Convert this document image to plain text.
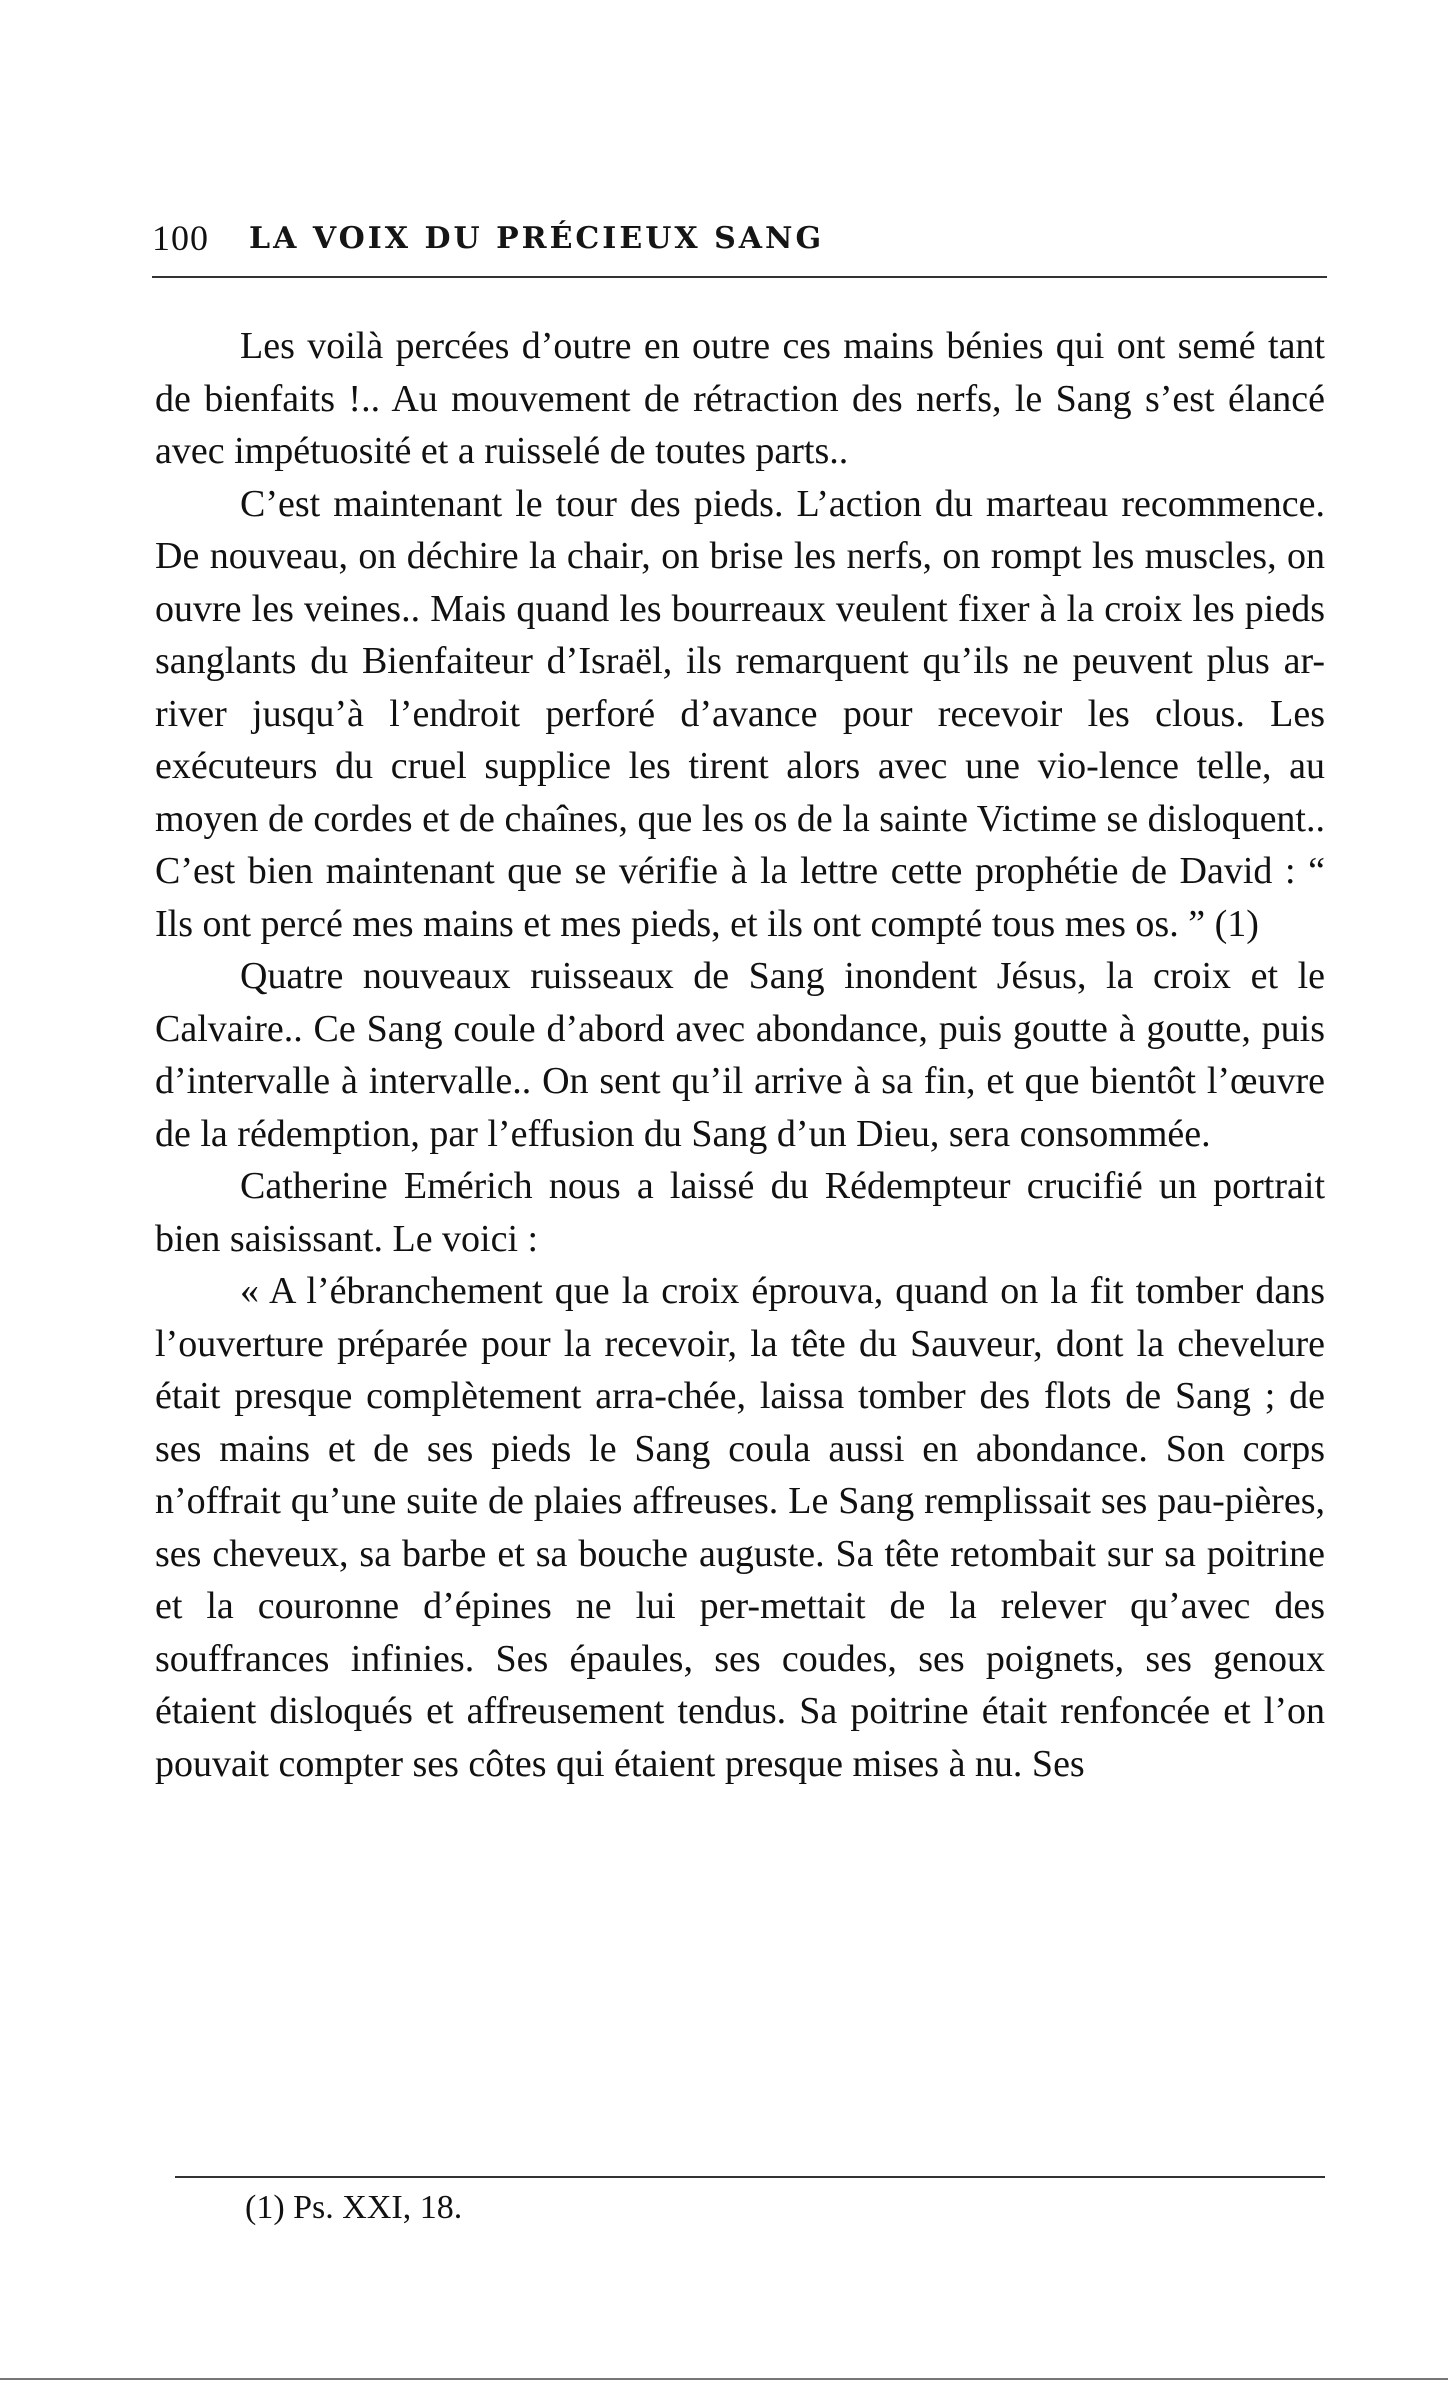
100 LA VOIX DU PRÉCIEUX SANG

Les voilà percées d’outre en outre ces mains bénies qui ont semé tant de bienfaits !.. Au mouvement de rétraction des nerfs, le Sang s’est élancé avec impétuosité et a ruisselé de toutes parts..

C’est maintenant le tour des pieds. L’action du marteau recommence. De nouveau, on déchire la chair, on brise les nerfs, on rompt les muscles, on ouvre les veines.. Mais quand les bourreaux veulent fixer à la croix les pieds sanglants du Bienfaiteur d’Israël, ils remarquent qu’ils ne peuvent plus ar-river jusqu’à l’endroit perforé d’avance pour recevoir les clous. Les exécuteurs du cruel supplice les tirent alors avec une vio-lence telle, au moyen de cordes et de chaînes, que les os de la sainte Victime se disloquent.. C’est bien maintenant que se vérifie à la lettre cette prophétie de David : “ Ils ont percé mes mains et mes pieds, et ils ont compté tous mes os. ” (1)

Quatre nouveaux ruisseaux de Sang inondent Jésus, la croix et le Calvaire.. Ce Sang coule d’abord avec abondance, puis goutte à goutte, puis d’intervalle à intervalle.. On sent qu’il arrive à sa fin, et que bientôt l’œuvre de la rédemption, par l’effusion du Sang d’un Dieu, sera consommée.

Catherine Emérich nous a laissé du Rédempteur crucifié un portrait bien saisissant. Le voici :

« A l’ébranchement que la croix éprouva, quand on la fit tomber dans l’ouverture préparée pour la recevoir, la tête du Sauveur, dont la chevelure était presque complètement arra-chée, laissa tomber des flots de Sang ; de ses mains et de ses pieds le Sang coula aussi en abondance. Son corps n’offrait qu’une suite de plaies affreuses. Le Sang remplissait ses pau-pières, ses cheveux, sa barbe et sa bouche auguste. Sa tête retombait sur sa poitrine et la couronne d’épines ne lui per-mettait de la relever qu’avec des souffrances infinies. Ses épaules, ses coudes, ses poignets, ses genoux étaient disloqués et affreusement tendus. Sa poitrine était renfoncée et l’on pouvait compter ses côtes qui étaient presque mises à nu. Ses

(1) Ps. XXI, 18.
